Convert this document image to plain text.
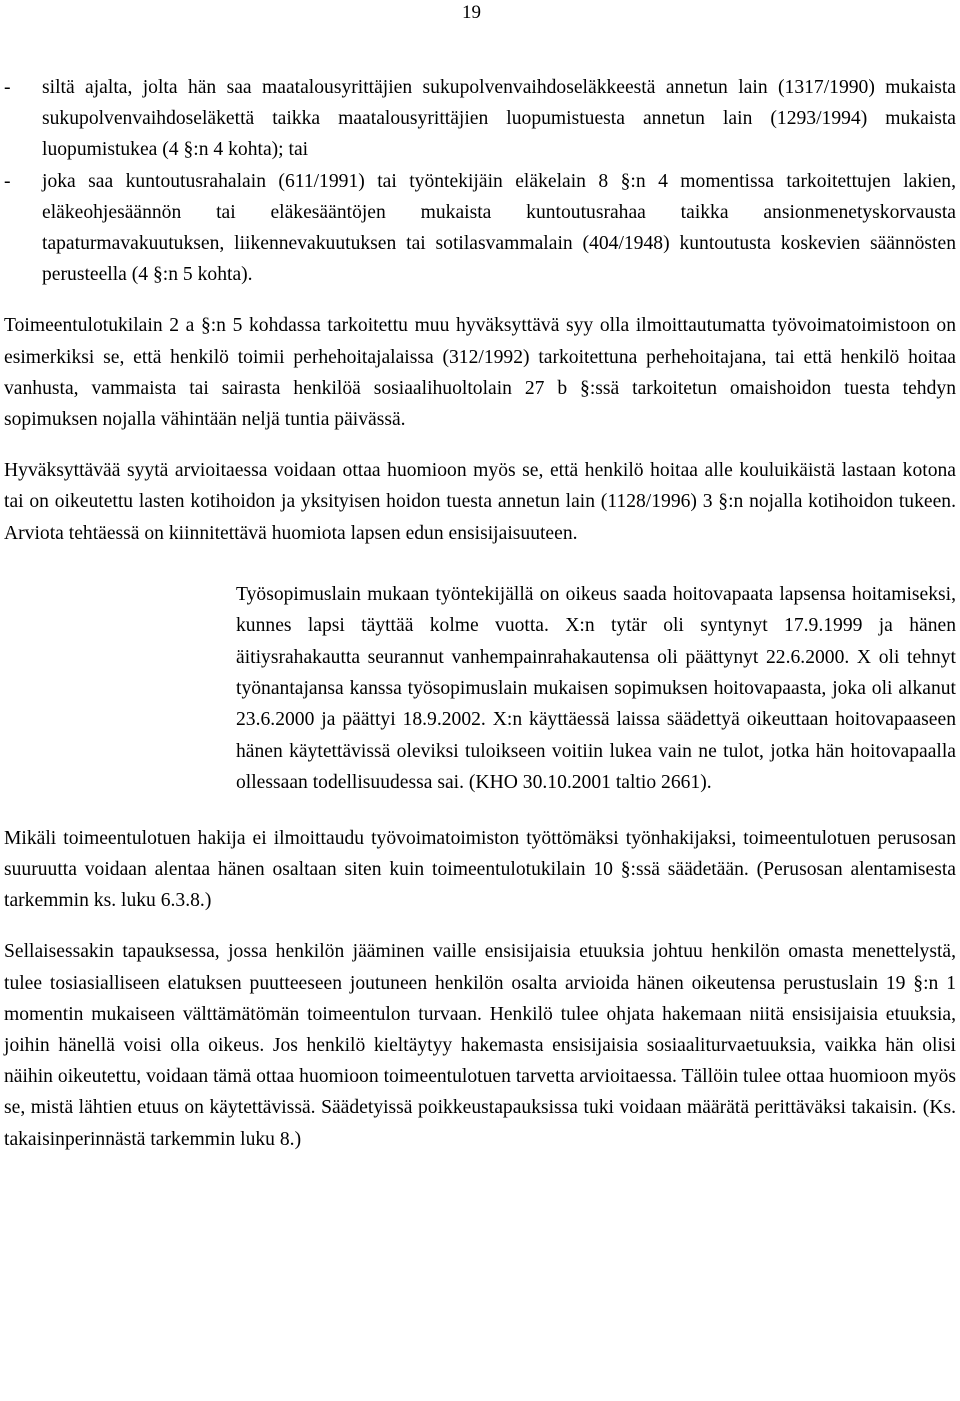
19
- siltä ajalta, jolta hän saa maatalousyrittäjien sukupolvenvaihdoseläkkeestä annetun lain (1317/1990) mukaista sukupolvenvaihdoseläkettä taikka maatalousyrittäjien luopumistuesta annetun lain (1293/1994) mukaista luopumistukea (4 §:n 4 kohta); tai
- joka saa kuntoutusrahalain (611/1991) tai työntekijäin eläkelain 8 §:n 4 momentissa tarkoitettujen lakien, eläkeohjesäännön tai eläkesääntöjen mukaista kuntoutusrahaa taikka ansionmenetyskorvausta tapaturmavakuutuksen, liikennevakuutuksen tai sotilasvammalain (404/1948) kuntoutusta koskevien säännösten perusteella (4 §:n 5 kohta).

Toimeentulotukilain 2 a §:n 5 kohdassa tarkoitettu muu hyväksyttävä syy olla ilmoittautumatta työvoimatoimistoon on esimerkiksi se, että henkilö toimii perhehoitajalaissa (312/1992) tarkoitettuna perhehoitajana, tai että henkilö hoitaa vanhusta, vammaista tai sairasta henkilöä sosiaalihuoltolain 27 b §:ssä tarkoitetun omaishoidon tuesta tehdyn sopimuksen nojalla vähintään neljä tuntia päivässä.

Hyväksyttävää syytä arvioitaessa voidaan ottaa huomioon myös se, että henkilö hoitaa alle kouluikäistä lastaan kotona tai on oikeutettu lasten kotihoidon ja yksityisen hoidon tuesta annetun lain (1128/1996) 3 §:n nojalla kotihoidon tukeen. Arviota tehtäessä on kiinnitettävä huomiota lapsen edun ensisijaisuuteen.

Työsopimuslain mukaan työntekijällä on oikeus saada hoitovapaata lapsensa hoitamiseksi, kunnes lapsi täyttää kolme vuotta. X:n tytär oli syntynyt 17.9.1999 ja hänen äitiysrahakautta seurannut vanhempainrahakautensa oli päättynyt 22.6.2000. X oli tehnyt työnantajansa kanssa työsopimuslain mukaisen sopimuksen hoitovapaasta, joka oli alkanut 23.6.2000 ja päättyi 18.9.2002. X:n käyttäessä laissa säädettyä oikeuttaan hoitovapaaseen hänen käytettävissä oleviksi tuloikseen voitiin lukea vain ne tulot, jotka hän hoitovapaalla ollessaan todellisuudessa sai. (KHO 30.10.2001 taltio 2661).

Mikäli toimeentulotuen hakija ei ilmoittaudu työvoimatoimiston työttömäksi työnhakijaksi, toimeentulotuen perusosan suuruutta voidaan alentaa hänen osaltaan siten kuin toimeentulotukilain 10 §:ssä säädetään. (Perusosan alentamisesta tarkemmin ks. luku 6.3.8.)

Sellaisessakin tapauksessa, jossa henkilön jääminen vaille ensisijaisia etuuksia johtuu henkilön omasta menettelystä, tulee tosiasialliseen elatuksen puutteeseen joutuneen henkilön osalta arvioida hänen oikeutensa perustuslain 19 §:n 1 momentin mukaiseen välttämätömän toimeentulon turvaan. Henkilö tulee ohjata hakemaan niitä ensisijaisia etuuksia, joihin hänellä voisi olla oikeus. Jos henkilö kieltäytyy hakemasta ensisijaisia sosiaaliturvaetuuksia, vaikka hän olisi näihin oikeutettu, voidaan tämä ottaa huomioon toimeentulotuen tarvetta arvioitaessa. Tällöin tulee ottaa huomioon myös se, mistä lähtien etuus on käytettävissä. Säädetyissä poikkeustapauksissa tuki voidaan määrätä perittäväksi takaisin. (Ks. takaisinperinnästä tarkemmin luku 8.)
